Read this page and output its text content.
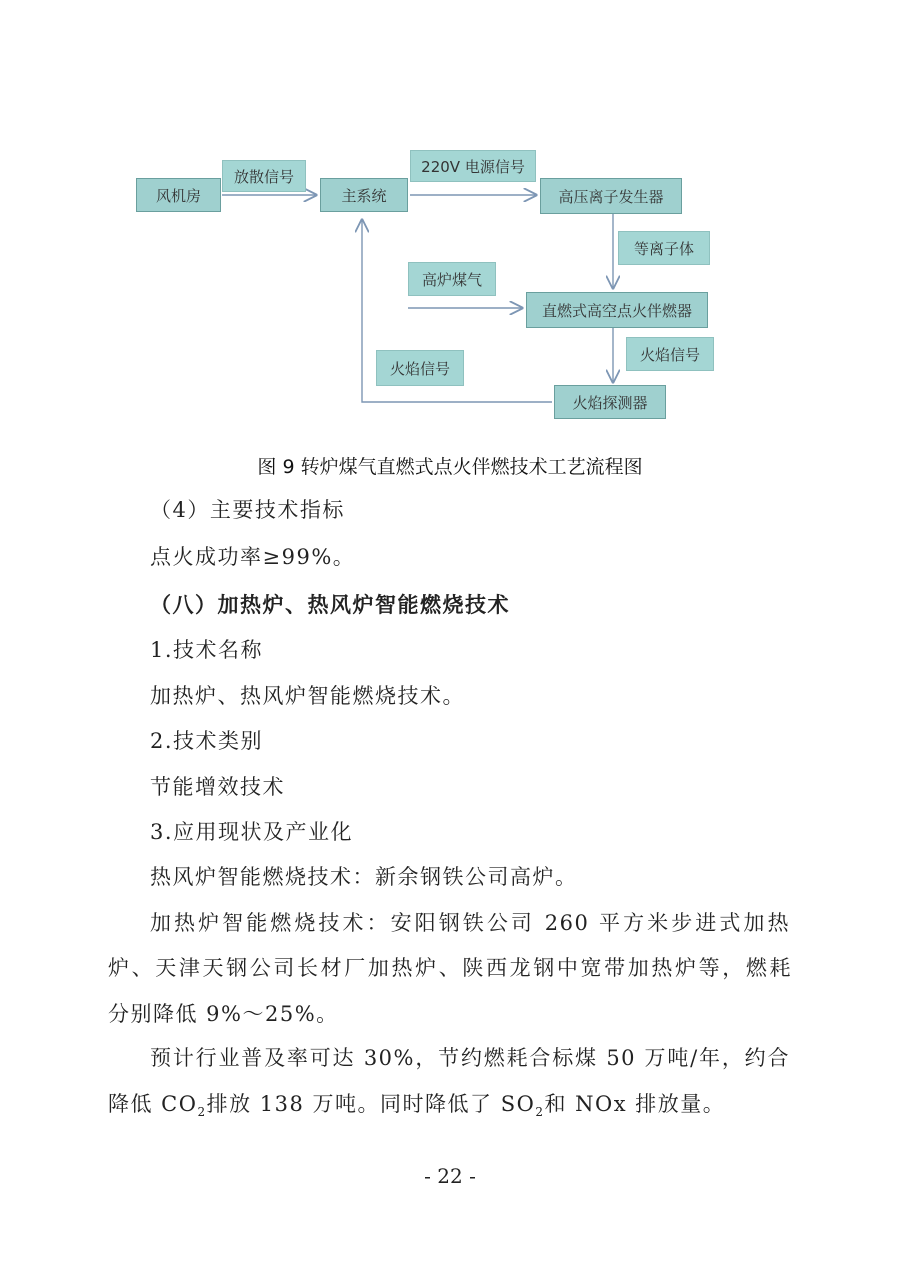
风机房
放散信号
主系统
220V 电源信号
高压离子发生器
等离子体
高炉煤气
直燃式高空点火伴燃器
火焰信号
火焰信号
火焰探测器
图 9 转炉煤气直燃式点火伴燃技术工艺流程图
（4）主要技术指标
点火成功率≥99%。
（八）加热炉、热风炉智能燃烧技术
1.技术名称
加热炉、热风炉智能燃烧技术。
2.技术类别
节能增效技术
3.应用现状及产业化
热风炉智能燃烧技术：新余钢铁公司高炉。
加热炉智能燃烧技术：安阳钢铁公司 260 平方米步进式加热
炉、天津天钢公司长材厂加热炉、陕西龙钢中宽带加热炉等，燃耗
分别降低 9%～25%。
预计行业普及率可达 30%，节约燃耗合标煤 50 万吨/年，约合
降低 $CO_2$排放 138 万吨。同时降低了 $SO_2$和 NOx 排放量。
- 22 -
